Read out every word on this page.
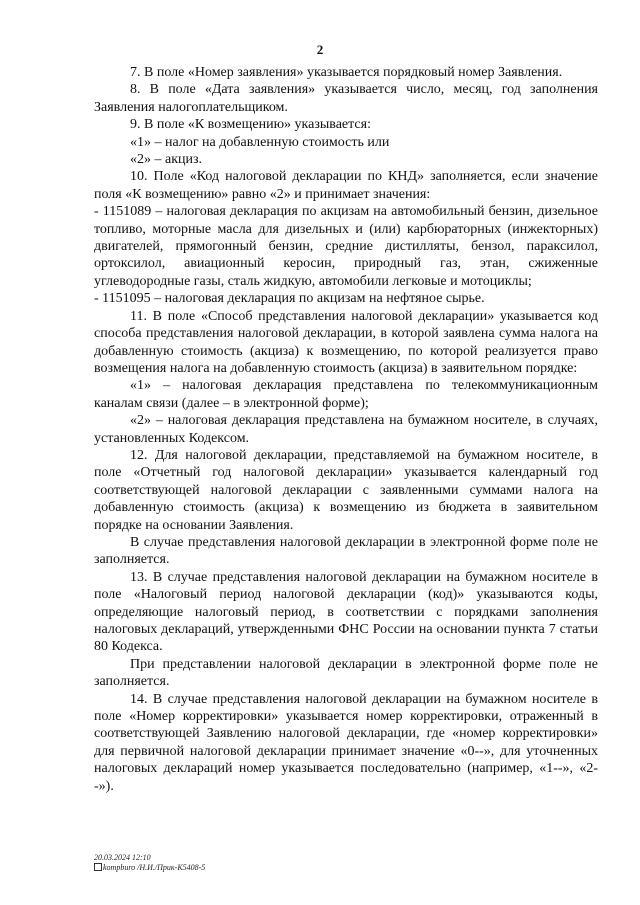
2

7. В поле «Номер заявления» указывается порядковый номер Заявления.

8. В поле «Дата заявления» указывается число, месяц, год заполнения Заявления налогоплательщиком.

9. В поле «К возмещению» указывается:

«1» – налог на добавленную стоимость или

«2» – акциз.

10. Поле «Код налоговой декларации по КНД» заполняется, если значение поля «К возмещению» равно «2» и принимает значения:

- 1151089 – налоговая декларация по акцизам на автомобильный бензин, дизельное топливо, моторные масла для дизельных и (или) карбюраторных (инжекторных) двигателей, прямогонный бензин, средние дистилляты, бензол, параксилол, ортоксилол, авиационный керосин, природный газ, этан, сжиженные углеводородные газы, сталь жидкую, автомобили легковые и мотоциклы;

- 1151095 – налоговая декларация по акцизам на нефтяное сырье.

11. В поле «Способ представления налоговой декларации» указывается код способа представления налоговой декларации, в которой заявлена сумма налога на добавленную стоимость (акциза) к возмещению, по которой реализуется право возмещения налога на добавленную стоимость (акциза) в заявительном порядке:

«1» – налоговая декларация представлена по телекоммуникационным каналам связи (далее – в электронной форме);

«2» – налоговая декларация представлена на бумажном носителе, в случаях, установленных Кодексом.

12. Для налоговой декларации, представляемой на бумажном носителе, в поле «Отчетный год налоговой декларации» указывается календарный год соответствующей налоговой декларации с заявленными суммами налога на добавленную стоимость (акциза) к возмещению из бюджета в заявительном порядке на основании Заявления.

В случае представления налоговой декларации в электронной форме поле не заполняется.

13. В случае представления налоговой декларации на бумажном носителе в поле «Налоговый период налоговой декларации (код)» указываются коды, определяющие налоговый период, в соответствии с порядками заполнения налоговых деклараций, утвержденными ФНС России на основании пункта 7 статьи 80 Кодекса.

При представлении налоговой декларации в электронной форме поле не заполняется.

14. В случае представления налоговой декларации на бумажном носителе в поле «Номер корректировки» указывается номер корректировки, отраженный в соответствующей Заявлению налоговой декларации, где «номер корректировки» для первичной налоговой декларации принимает значение «0--», для уточненных налоговых деклараций номер указывается последовательно (например, «1--», «2--»).

20.03.2024 12:10
kompburo /Н.И./Прик-К5408-5
